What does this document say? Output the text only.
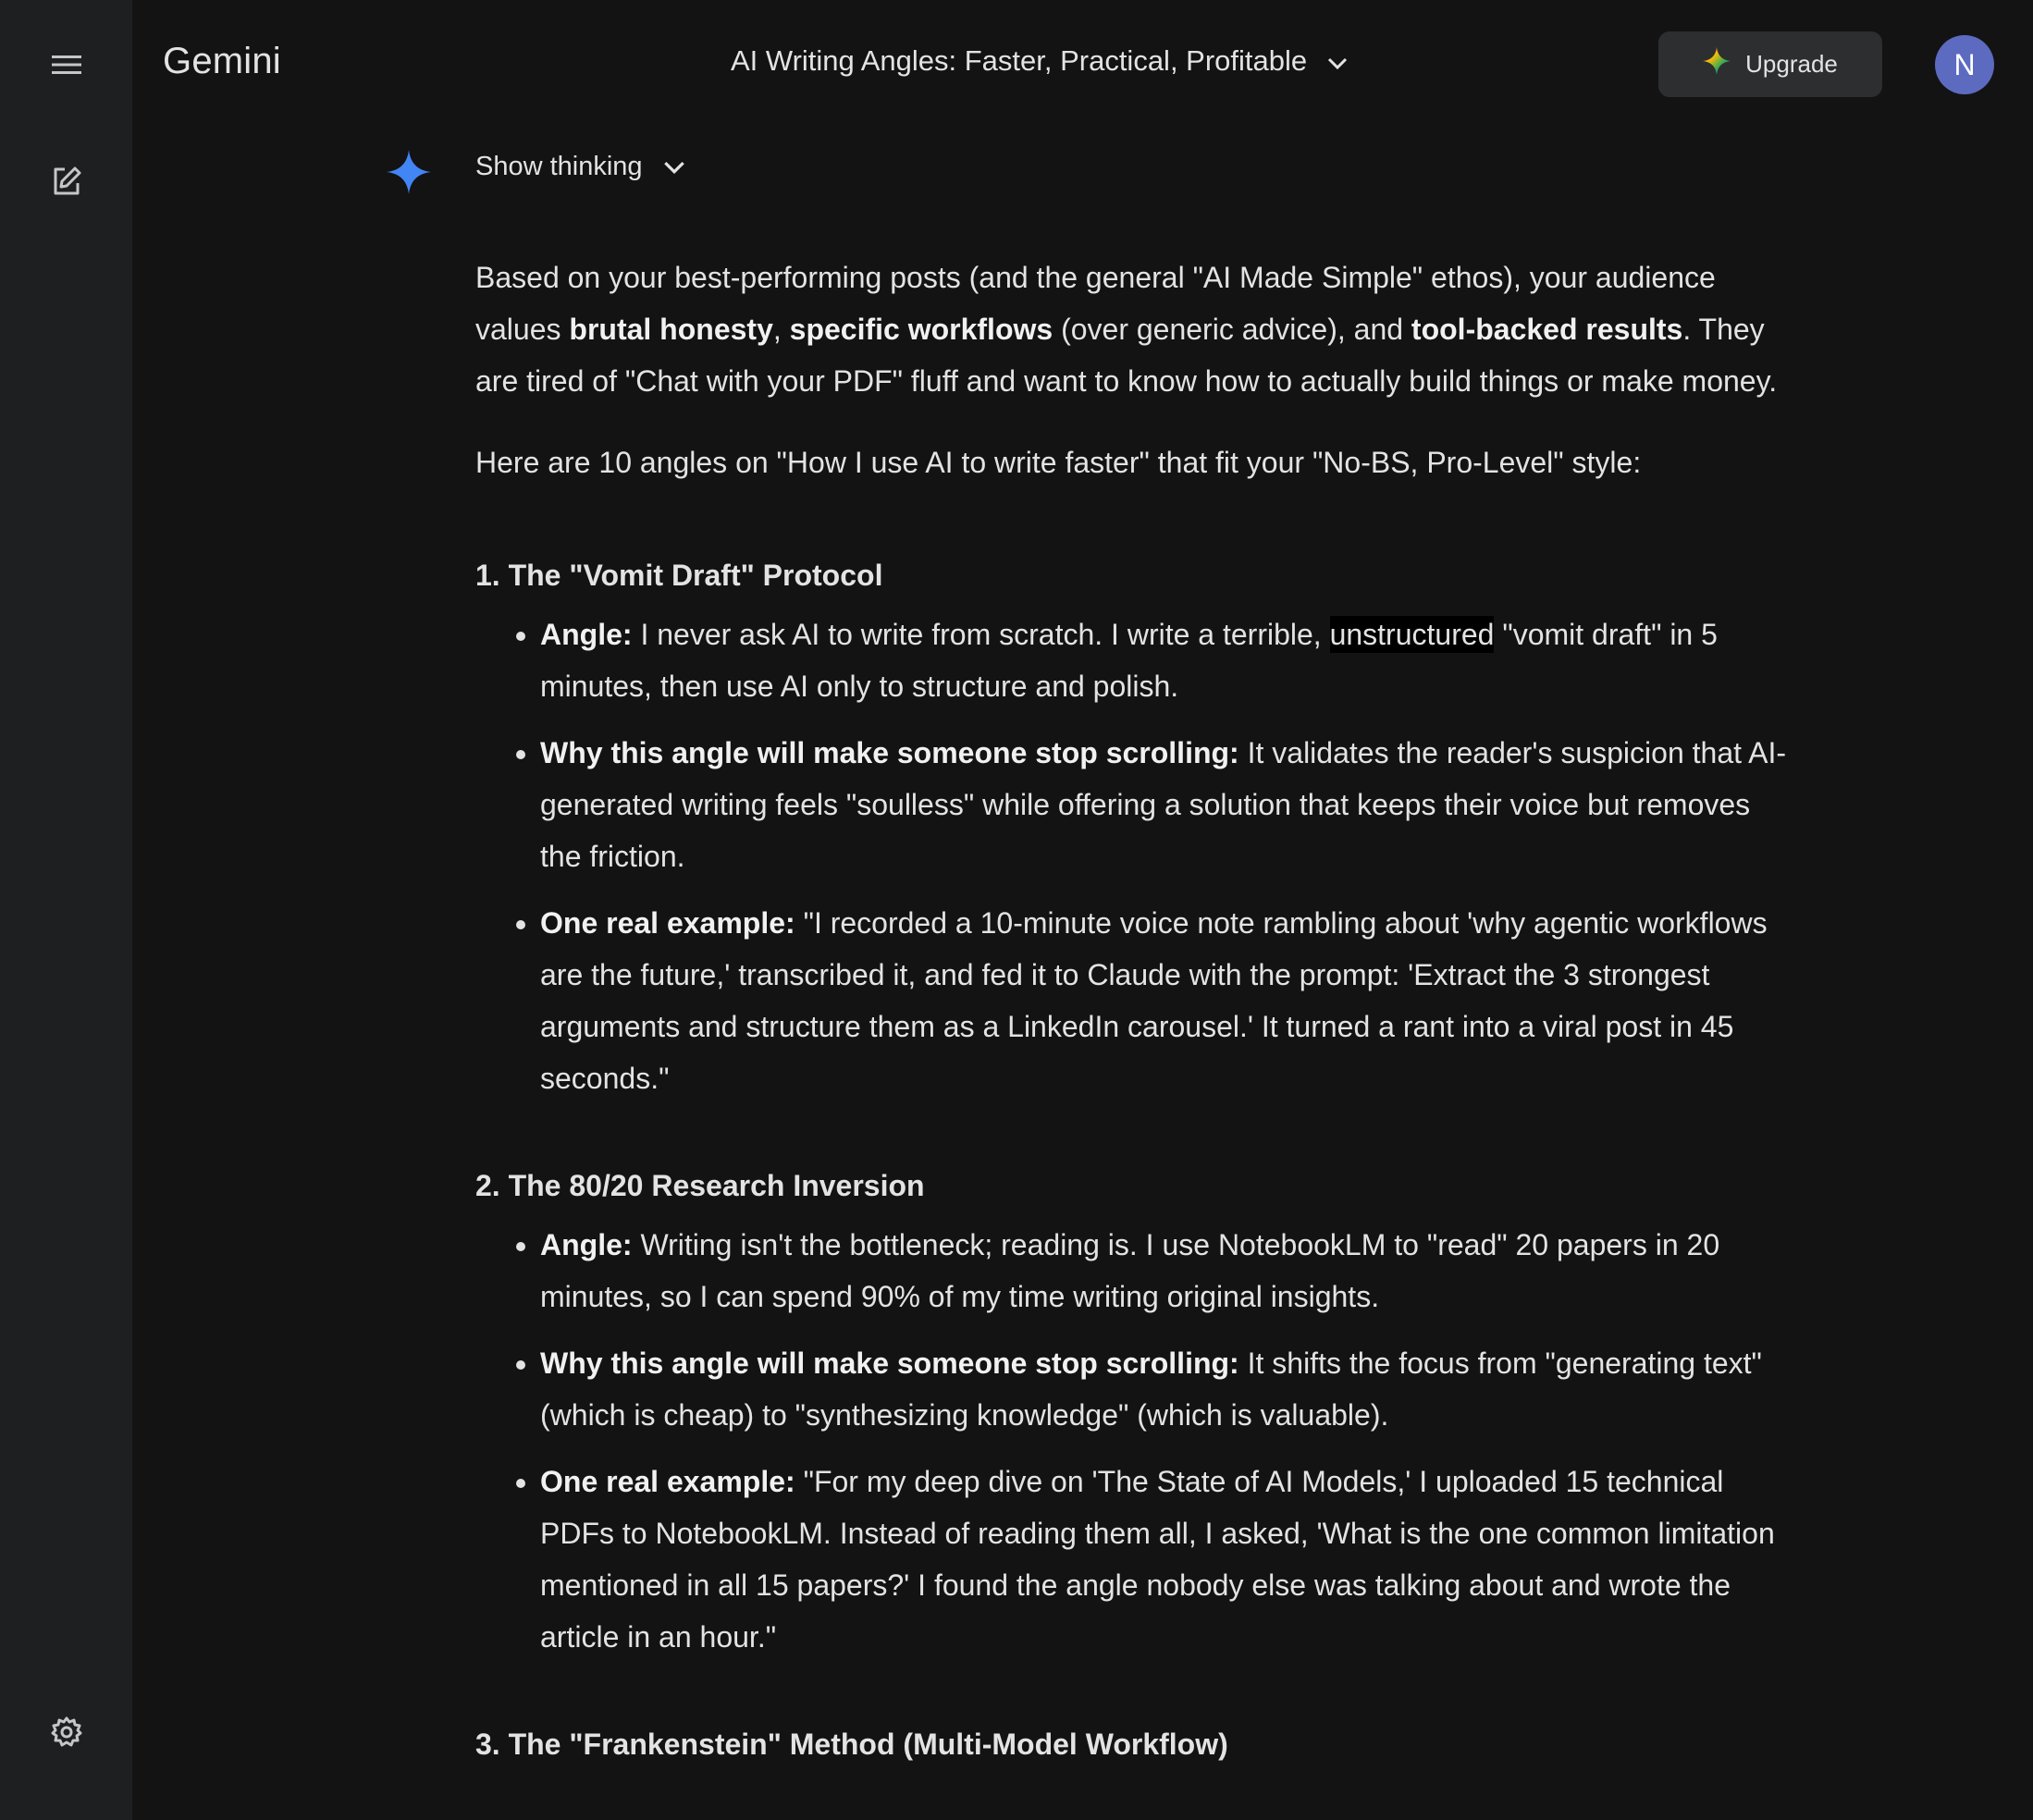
Gemini	AI Writing Angles: Faster, Practical, Profitable	Upgrade	N
Show thinking

Based on your best-performing posts (and the general "AI Made Simple" ethos), your audience values brutal honesty, specific workflows (over generic advice), and tool-backed results. They are tired of "Chat with your PDF" fluff and want to know how to actually build things or make money.

Here are 10 angles on "How I use AI to write faster" that fit your "No-BS, Pro-Level" style:

1. The "Vomit Draft" Protocol
• Angle: I never ask AI to write from scratch. I write a terrible, unstructured "vomit draft" in 5 minutes, then use AI only to structure and polish.
• Why this angle will make someone stop scrolling: It validates the reader's suspicion that AI-generated writing feels "soulless" while offering a solution that keeps their voice but removes the friction.
• One real example: "I recorded a 10-minute voice note rambling about 'why agentic workflows are the future,' transcribed it, and fed it to Claude with the prompt: 'Extract the 3 strongest arguments and structure them as a LinkedIn carousel.' It turned a rant into a viral post in 45 seconds."
2. The 80/20 Research Inversion
• Angle: Writing isn't the bottleneck; reading is. I use NotebookLM to "read" 20 papers in 20 minutes, so I can spend 90% of my time writing original insights.
• Why this angle will make someone stop scrolling: It shifts the focus from "generating text" (which is cheap) to "synthesizing knowledge" (which is valuable).
• One real example: "For my deep dive on 'The State of AI Models,' I uploaded 15 technical PDFs to NotebookLM. Instead of reading them all, I asked, 'What is the one common limitation mentioned in all 15 papers?' I found the angle nobody else was talking about and wrote the article in an hour."
3. The "Frankenstein" Method (Multi-Model Workflow)
